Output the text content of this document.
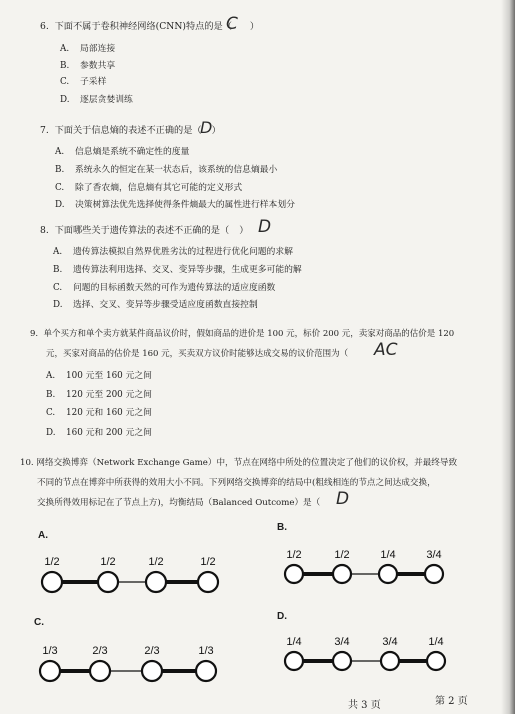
6. 下面不属于卷积神经网络(CNN)特点的是（ ）
C
A. 局部连接
B. 参数共享
C. 子采样
D. 逐层贪婪训练
7. 下面关于信息熵的表述不正确的是（ ）
D
A. 信息熵是系统不确定性的度量
B. 系统永久的恒定在某一状态后，该系统的信息熵最小
C. 除了香农熵，信息熵有其它可能的定义形式
D. 决策树算法优先选择使得条件熵最大的属性进行样本划分
8. 下面哪些关于遗传算法的表述不正确的是（ ） D
A. 遗传算法模拟自然界优胜劣汰的过程进行优化问题的求解
B. 遗传算法利用选择、交叉、变异等步骤，生成更多可能的解
C. 问题的目标函数天然的可作为遗传算法的适应度函数
D. 选择、交叉、变异等步骤受适应度函数直接控制
9. 单个买方和单个卖方就某件商品议价时，假如商品的进价是 100 元，标价 200 元，卖家对商品的估价是 120
元，买家对商品的估价是 160 元，买卖双方议价时能够达成交易的议价范围为（ AC
A. 100 元至 160 元之间
B. 120 元至 200 元之间
C. 120 元和 160 元之间
D. 160 元和 200 元之间
10. 网络交换博弈（Network Exchange Game）中，节点在网络中所处的位置决定了他们的议价权，并最终导致
不同的节点在博弈中所获得的效用大小不同。下列网络交换博弈的结局中(粗线相连的节点之间达成交换，
交换所得效用标记在了节点上方)，均衡结局（Balanced Outcome）是（ D
A.
1/2	1/2	1/2	1/2
B.
1/2	1/2	1/4	3/4
C.
1/3	2/3	2/3	1/3
D.
1/4	3/4	3/4	1/4
共 3 页	第 2 页
